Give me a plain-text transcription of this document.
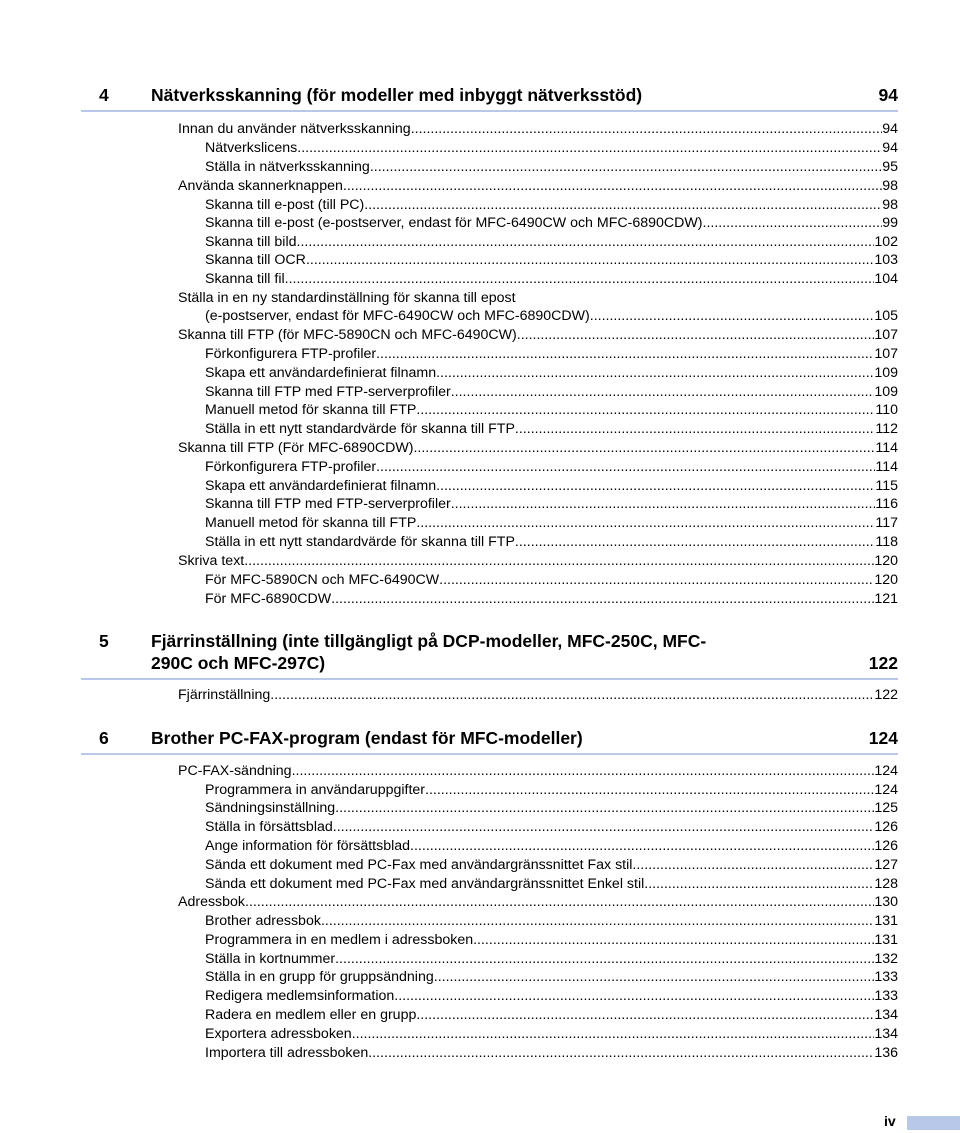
4 Nätverksskanning (för modeller med inbyggt nätverksstöd)	94
Innan du använder nätverksskanning .....	94
Nätverkslicens .....	94
Ställa in nätverksskanning .....	95
Använda skannerknappen .....	98
Skanna till e-post (till PC) .....	98
Skanna till e-post (e-postserver, endast för MFC-6490CW och MFC-6890CDW) .....	99
Skanna till bild .....	102
Skanna till OCR .....	103
Skanna till fil .....	104
Ställa in en ny standardinställning för skanna till epost
(e-postserver, endast för MFC-6490CW och MFC-6890CDW) .....	105
Skanna till FTP (för MFC-5890CN och MFC-6490CW) .....	107
Förkonfigurera FTP-profiler .....	107
Skapa ett användardefinierat filnamn .....	109
Skanna till FTP med FTP-serverprofiler .....	109
Manuell metod för skanna till FTP .....	110
Ställa in ett nytt standardvärde för skanna till FTP .....	112
Skanna till FTP (För MFC-6890CDW) .....	114
Förkonfigurera FTP-profiler .....	114
Skapa ett användardefinierat filnamn .....	115
Skanna till FTP med FTP-serverprofiler .....	116
Manuell metod för skanna till FTP .....	117
Ställa in ett nytt standardvärde för skanna till FTP .....	118
Skriva text .....	120
För MFC-5890CN och MFC-6490CW .....	120
För MFC-6890CDW .....	121
5 Fjärrinställning (inte tillgängligt på DCP-modeller, MFC-250C, MFC-290C och MFC-297C)	122
Fjärrinställning .....	122
6 Brother PC-FAX-program (endast för MFC-modeller)	124
PC-FAX-sändning .....	124
Programmera in användaruppgifter .....	124
Sändningsinställning .....	125
Ställa in försättsblad .....	126
Ange information för försättsblad .....	126
Sända ett dokument med PC-Fax med användargränssnittet Fax stil .....	127
Sända ett dokument med PC-Fax med användargränssnittet Enkel stil .....	128
Adressbok .....	130
Brother adressbok .....	131
Programmera in en medlem i adressboken .....	131
Ställa in kortnummer .....	132
Ställa in en grupp för gruppsändning .....	133
Redigera medlemsinformation .....	133
Radera en medlem eller en grupp .....	134
Exportera adressboken .....	134
Importera till adressboken .....	136
iv
